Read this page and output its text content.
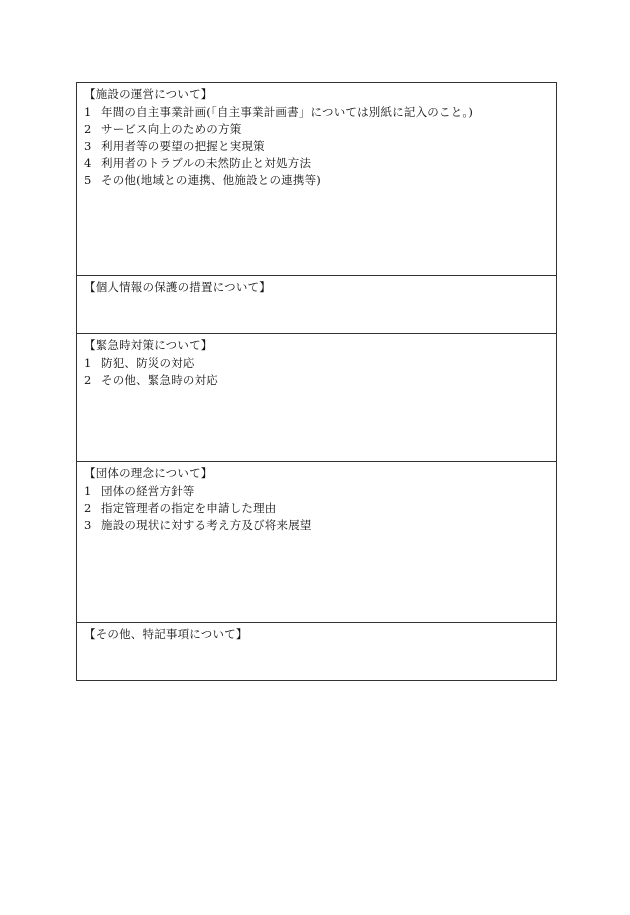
【施設の運営について】
1 年間の自主事業計画(「自主事業計画書」については別紙に記入のこと。)
2 サービス向上のための方策
3 利用者等の要望の把握と実現策
4 利用者のトラブルの未然防止と対処方法
5 その他(地域との連携、他施設との連携等)
【個人情報の保護の措置について】
【緊急時対策について】
1 防犯、防災の対応
2 その他、緊急時の対応
【団体の理念について】
1 団体の経営方針等
2 指定管理者の指定を申請した理由
3 施設の現状に対する考え方及び将来展望
【その他、特記事項について】
